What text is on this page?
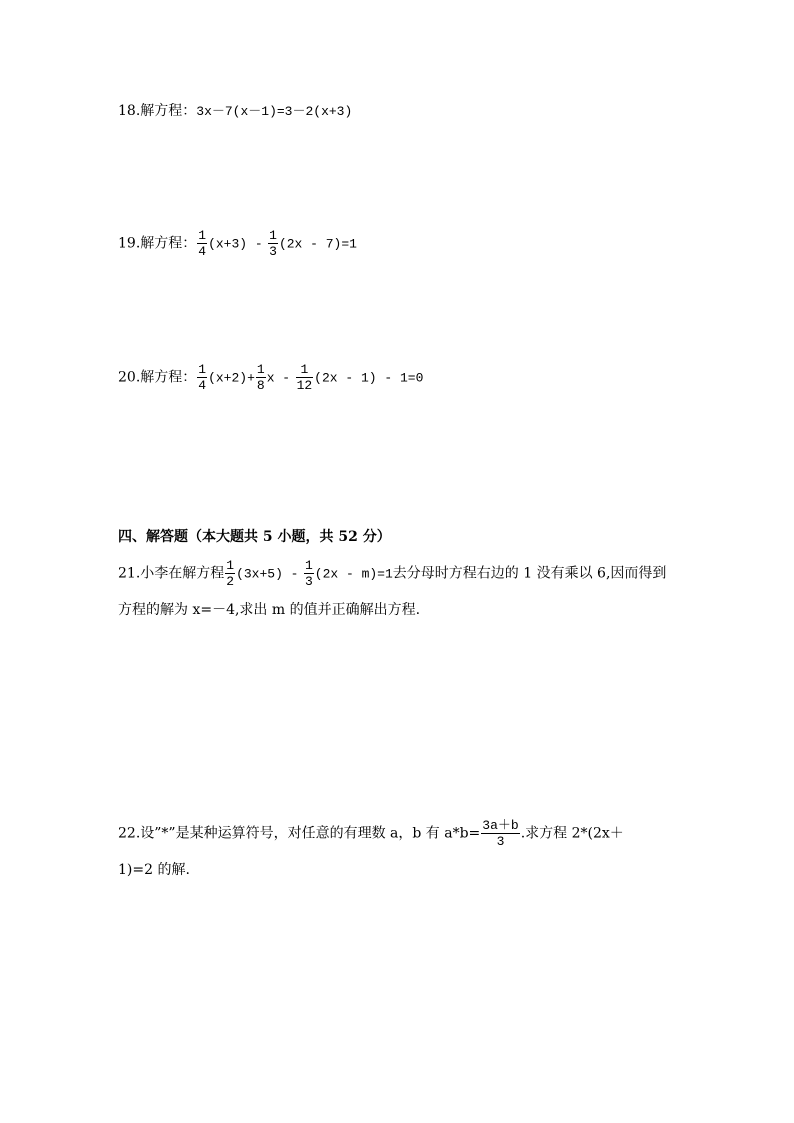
18.解方程：3x－7(x－1)=3－2(x+3)
19.解方程： $\frac{1}{4} (x+3) - \frac{1}{3} (2x - 7)=1$
20.解方程： $\frac{1}{4} (x+2)+ \frac{1}{8}$ $x - \frac{1}{12} (2x - 1) - 1=0$
四、解答题（本大题共 5 小题，共 52 分）
21.小李在解方程 $\frac{1}{2} (3x+5) - \frac{1}{3} (2x - m)=1$去分母时方程右边的 1 没有乘以 6,因而得到
方程的解为 x=－4,求出 m 的值并正确解出方程.
22.设”*”是某种运算符号，对任意的有理数 a，b 有 $a*b= \frac{3a+b}{3}$ .求方程 2*(2x＋
1)=2 的解.
